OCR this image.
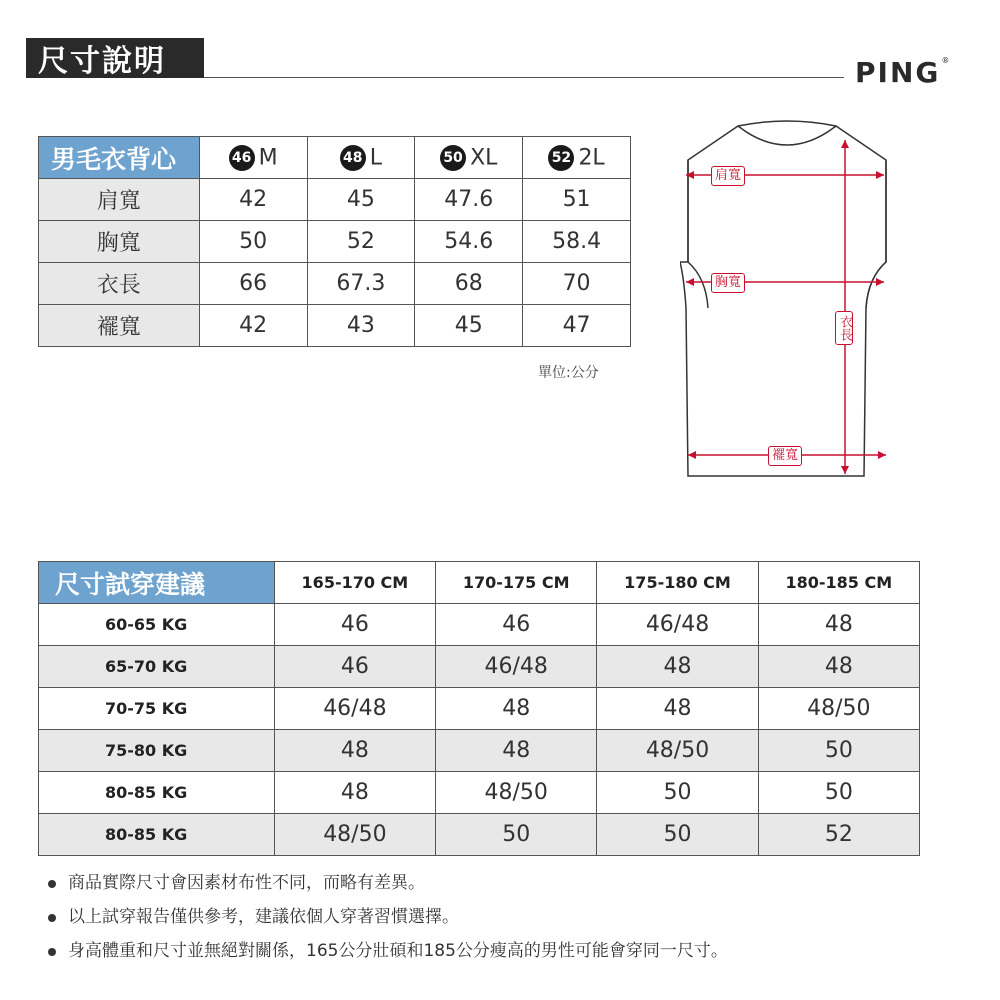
尺寸說明	PING®
男毛衣背心	46 M	48 L	50 XL	52 2L
肩寬	42	45	47.6	51
胸寬	50	52	54.6	58.4
衣長	66	67.3	68	70
襬寬	42	43	45	47
單位:公分
肩寬
胸寬
衣長
襬寬
尺寸試穿建議	165-170 CM	170-175 CM	175-180 CM	180-185 CM
60-65 KG	46	46	46/48	48
65-70 KG	46	46/48	48	48
70-75 KG	46/48	48	48	48/50
75-80 KG	48	48	48/50	50
80-85 KG	48	48/50	50	50
80-85 KG	48/50	50	50	52
商品實際尺寸會因素材布性不同，而略有差異。
以上試穿報告僅供參考，建議依個人穿著習慣選擇。
身高體重和尺寸並無絕對關係，165公分壯碩和185公分瘦高的男性可能會穿同一尺寸。
